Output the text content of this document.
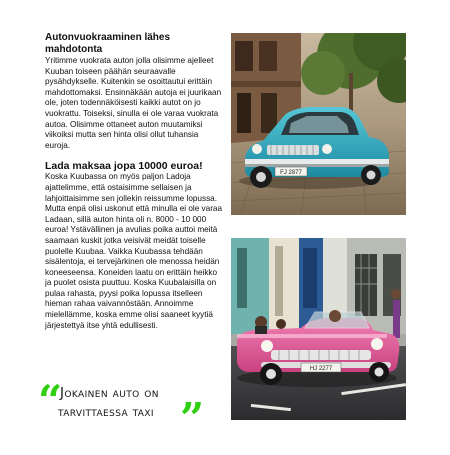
Autonvuokraaminen lähes mahdotonta
Yritimme vuokrata auton jolla olisimme ajelleet Kuuban toiseen päähän seuraavalle pysähdykselle. Kuitenkin se osoittautui erittäin mahdottomaksi. Ensinnäkään autoja ei juurikaan ole, joten todennäköisesti kaikki autot on jo vuokrattu. Toiseksi, sinulla ei ole varaa vuokrata autoa. Olisimme ottaneet auton muutamiksi viikoiksi mutta sen hinta olisi ollut tuhansia euroja.
Lada maksaa jopa 10000 euroa!
Koska Kuubassa on myös paljon Ladoja ajattelimme, että ostaisimme sellaisen ja lahjoittaisimme sen jollekin reissumme lopussa. Mutta enpä olisi uskonut että minulla ei ole varaa Ladaan, sillä auton hinta oli n. 8000 - 10 000 euroa! Ystävällinen ja avulias poika auttoi meitä saamaan kuskit jotka veisivät meidät toiselle puolelle Kuubaa. Vaikka Kuubassa tehdään sisälentoja, ei tervejärkinen ole menossa heidän koneeseensa. Koneiden laatu on erittäin heikko ja puolet osista puuttuu. Koska Kuubalaisilla on pulaa rahasta, pyysi poika lopussa itselleen hieman rahaa vaivannöstään. Annoimme mielellämme, koska emme olisi saaneet kyytiä järjestettyä itse yhtä edullisesti.
“
Jokainen auto on
tarvittaessa taxi ”
FJ 2877
HJ 2277
